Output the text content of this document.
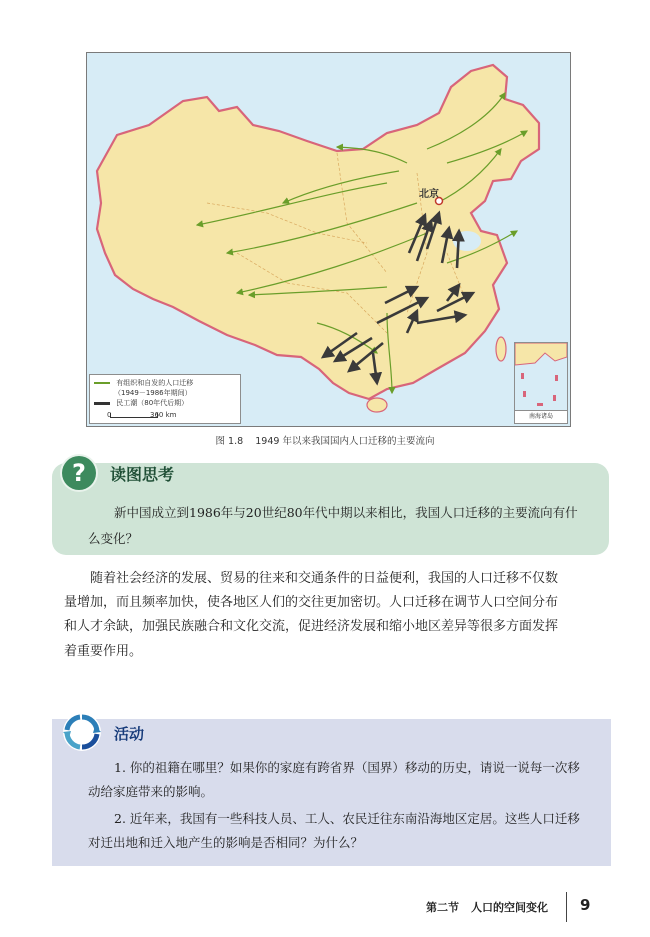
北京
有组织和自发的人口迁移
（1949－1986年期间）
民工潮（80年代后期）
0	360 km	南海诸岛
图 1.8 1949 年以来我国国内人口迁移的主要流向
?	读图思考
新中国成立到1986年与20世纪80年代中期以来相比，我国人口迁移的主要流向有什么变化？

随着社会经济的发展、贸易的往来和交通条件的日益便利，我国的人口迁移不仅数量增加，而且频率加快，使各地区人们的交往更加密切。人口迁移在调节人口空间分布和人才余缺，加强民族融合和文化交流，促进经济发展和缩小地区差异等很多方面发挥着重要作用。

活动

1. 你的祖籍在哪里？如果你的家庭有跨省界（国界）移动的历史，请说一说每一次移动给家庭带来的影响。

2. 近年来，我国有一些科技人员、工人、农民迁往东南沿海地区定居。这些人口迁移对迁出地和迁入地产生的影响是否相同？为什么？

第二节 人口的空间变化	9
